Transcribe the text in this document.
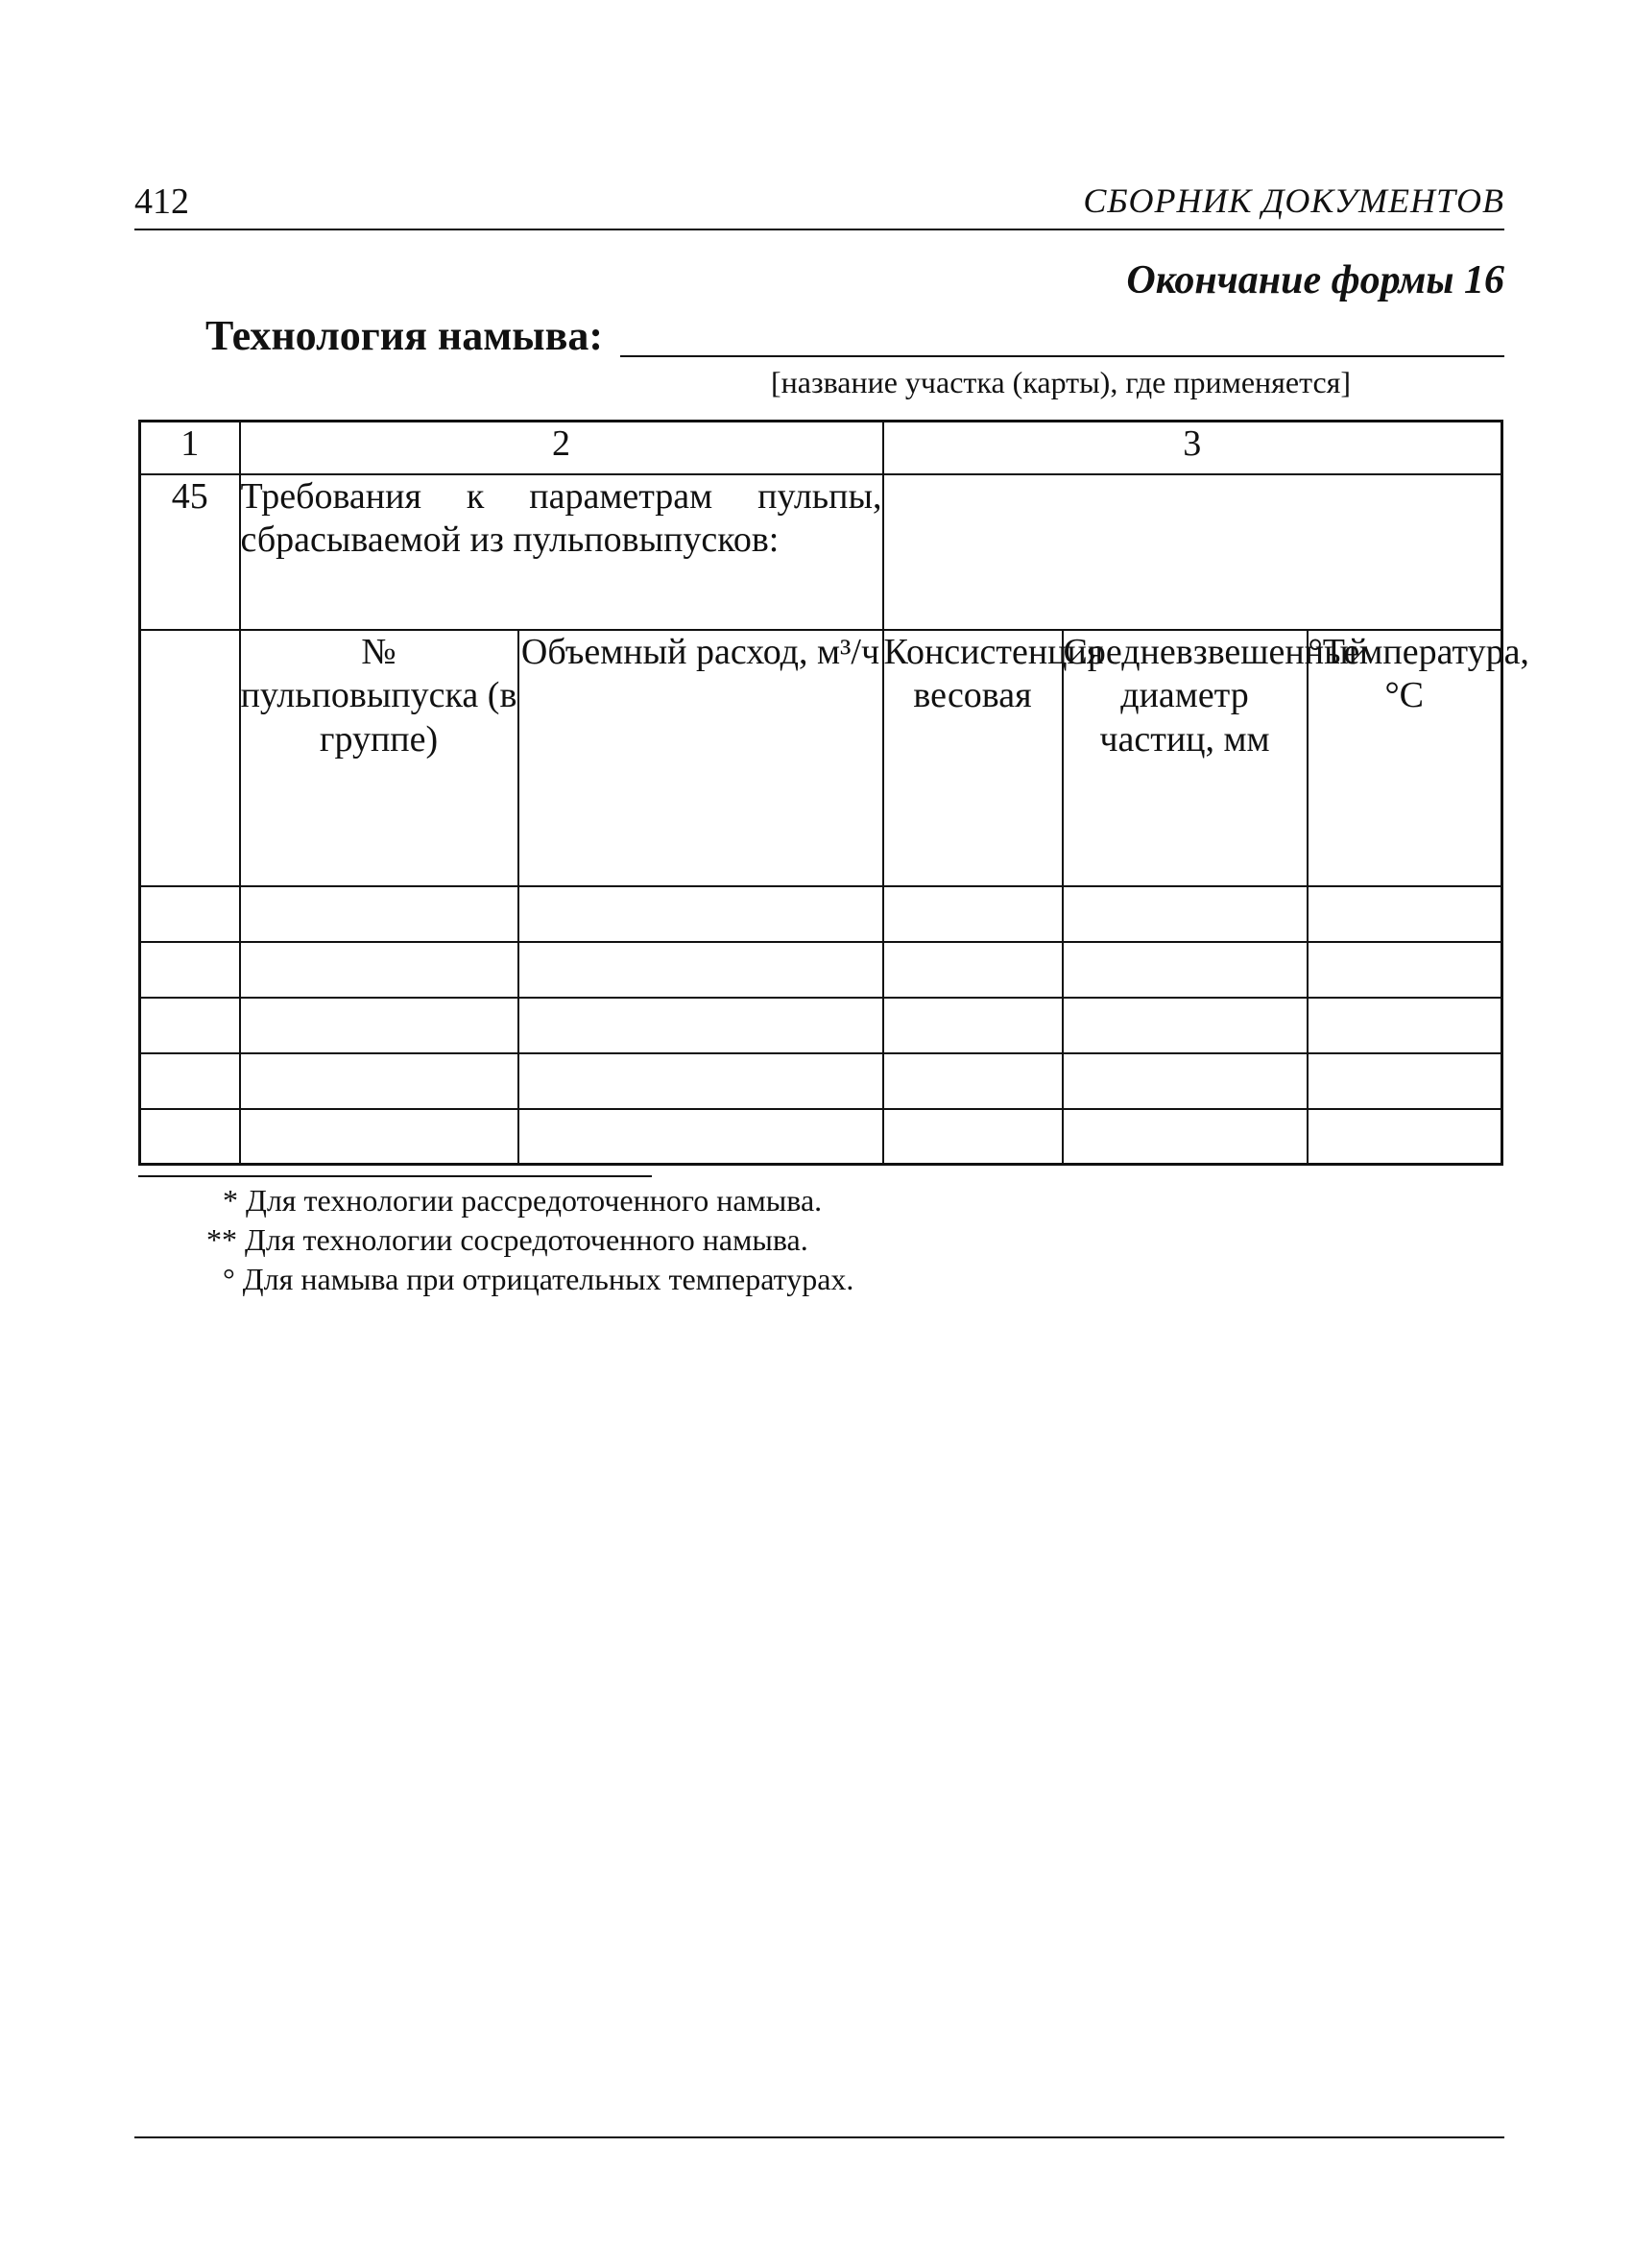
412	СБОРНИК ДОКУМЕНТОВ
Окончание формы 16
Технология намыва:
[название участка (карты), где применяется]
1	2		3		
45	Требования к параметрам пульпы, сбрасываемой из пульповыпусков:				
	№ пульповыпуска (в группе)	Объемный расход, м³/ч	Консистенция весовая	Средневзвешенный диаметр частиц, мм	°Температура, °С

* Для технологии рассредоточенного намыва.
** Для технологии сосредоточенного намыва.
° Для намыва при отрицательных температурах.
